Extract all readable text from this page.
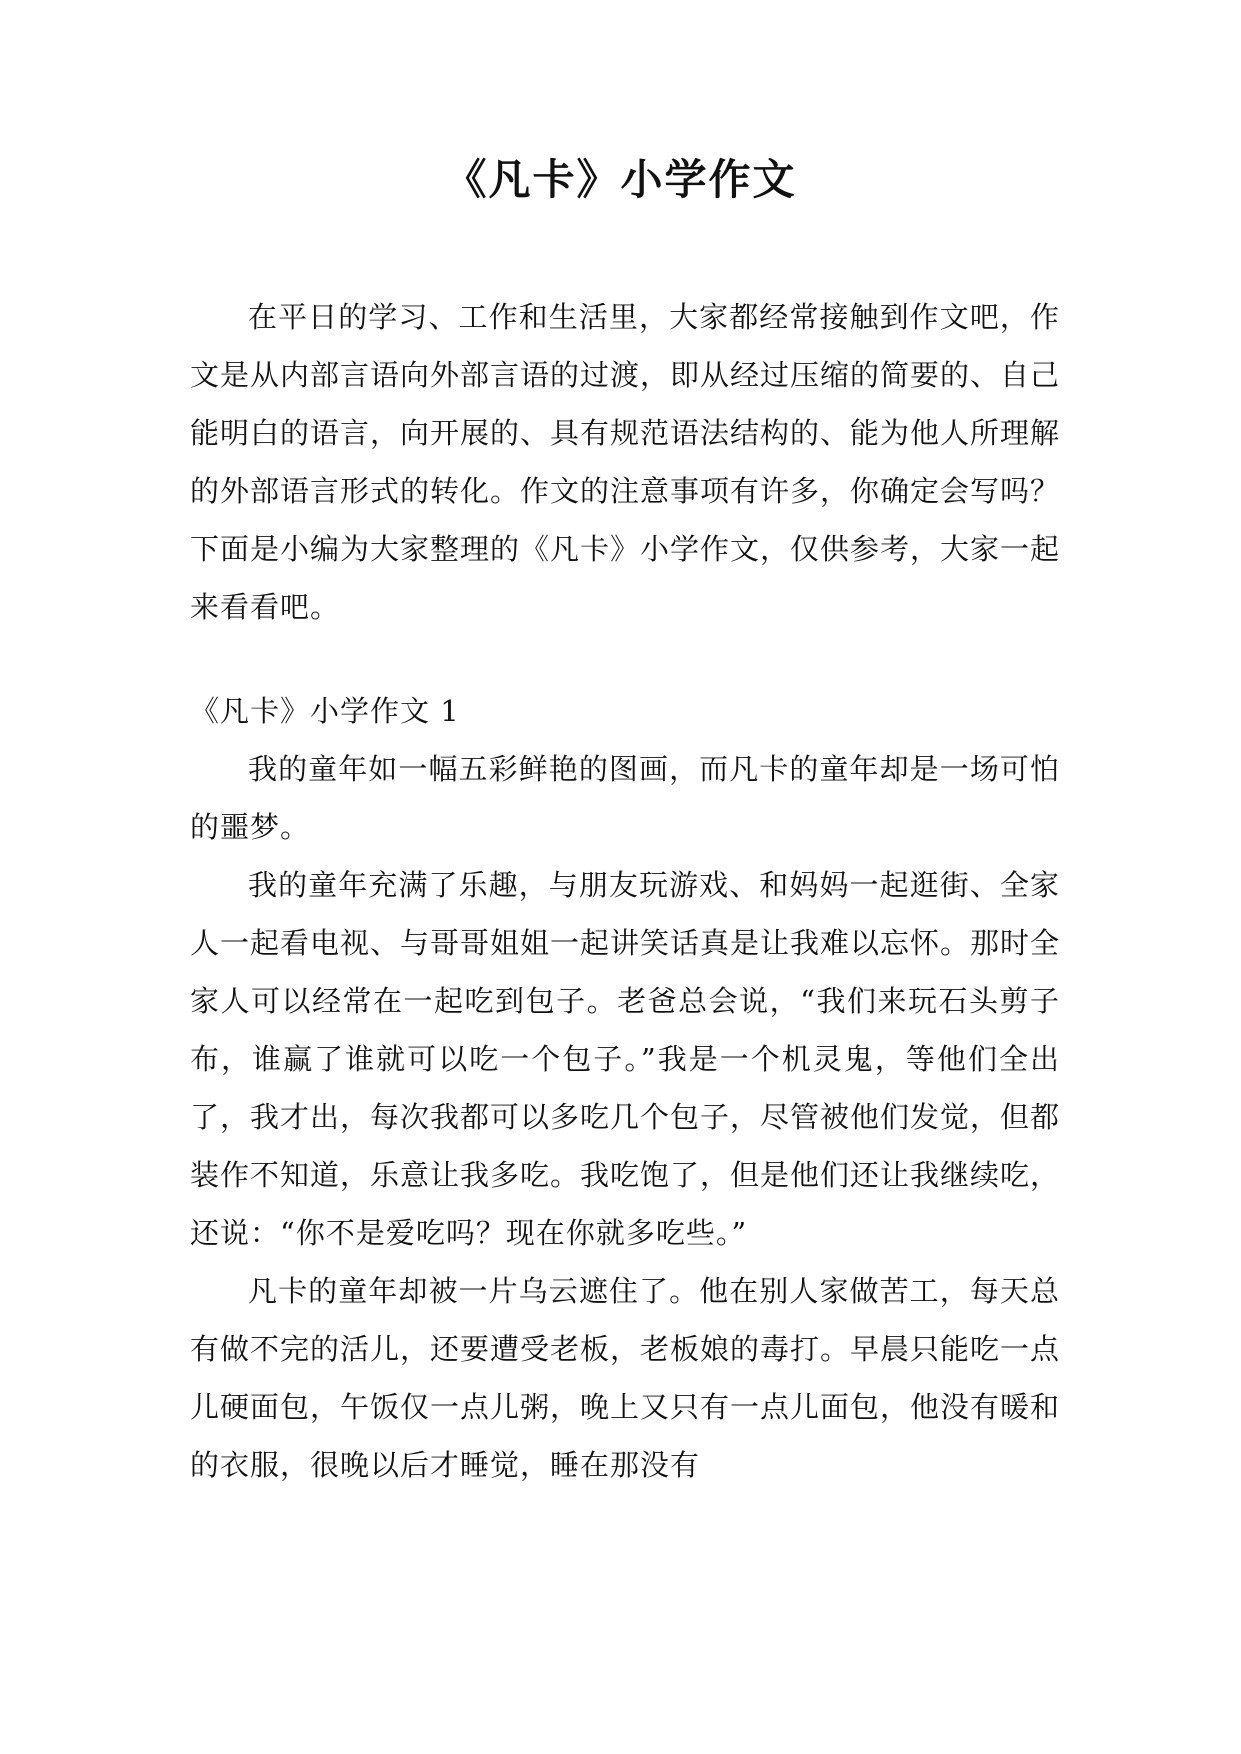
《凡卡》小学作文

在平日的学习、工作和生活里，大家都经常接触到作文吧，作文是从内部言语向外部言语的过渡，即从经过压缩的简要的、自己能明白的语言，向开展的、具有规范语法结构的、能为他人所理解的外部语言形式的转化。作文的注意事项有许多，你确定会写吗？下面是小编为大家整理的《凡卡》小学作文，仅供参考，大家一起来看看吧。

《凡卡》小学作文 1

我的童年如一幅五彩鲜艳的图画，而凡卡的童年却是一场可怕的噩梦。

我的童年充满了乐趣，与朋友玩游戏、和妈妈一起逛街、全家人一起看电视、与哥哥姐姐一起讲笑话真是让我难以忘怀。那时全家人可以经常在一起吃到包子。老爸总会说，“我们来玩石头剪子布，谁赢了谁就可以吃一个包子。”我是一个机灵鬼，等他们全出了，我才出，每次我都可以多吃几个包子，尽管被他们发觉，但都装作不知道，乐意让我多吃。我吃饱了，但是他们还让我继续吃，还说：“你不是爱吃吗？现在你就多吃些。”

凡卡的童年却被一片乌云遮住了。他在别人家做苦工，每天总有做不完的活儿，还要遭受老板，老板娘的毒打。早晨只能吃一点儿硬面包，午饭仅一点儿粥，晚上又只有一点儿面包，他没有暖和的衣服，很晚以后才睡觉，睡在那没有
